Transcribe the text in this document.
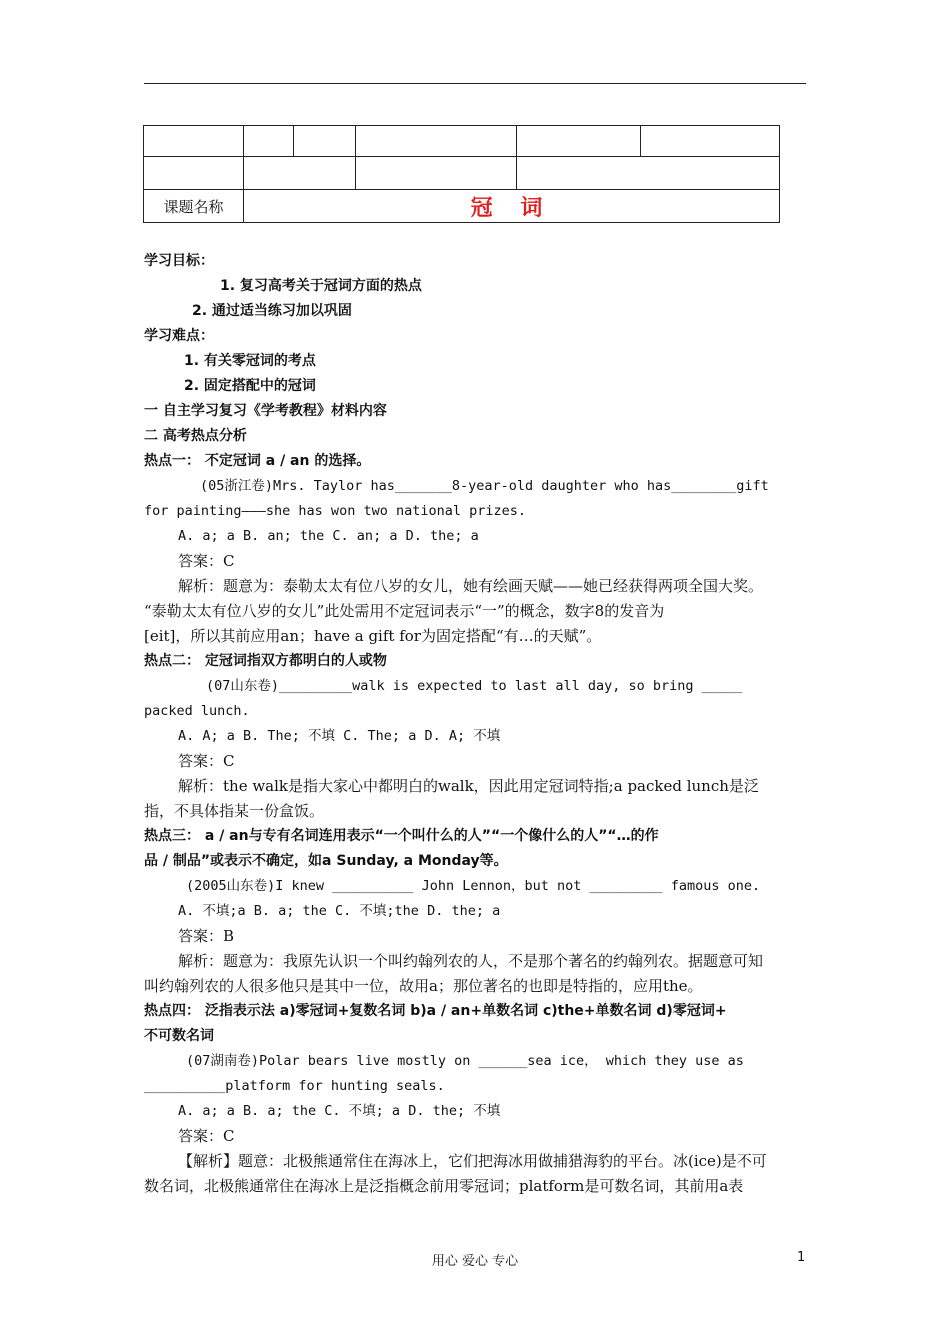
课题名称	冠 词				
学习目标：
1. 复习高考关于冠词方面的热点
2. 通过适当练习加以巩固
学习难点：
1. 有关零冠词的考点
2. 固定搭配中的冠词
一 自主学习复习《学考教程》材料内容
二 高考热点分析
热点一： 不定冠词 a / an 的选择。
(05浙江卷)Mrs. Taylor has_______8-year-old daughter who has________gift
for painting———she has won two national prizes.
A. a; a B. an; the C. an; a D. the; a
答案：C
解析：题意为：泰勒太太有位八岁的女儿，她有绘画天赋——她已经获得两项全国大奖。
“泰勒太太有位八岁的女儿”此处需用不定冠词表示“一”的概念，数字8的发音为
[eit]，所以其前应用an；have a gift for为固定搭配“有…的天赋”。
热点二： 定冠词指双方都明白的人或物
(07山东卷)_________walk is expected to last all day, so bring _____
packed lunch.
A. A; a B. The; 不填 C. The; a D. A; 不填
答案：C
解析：the walk是指大家心中都明白的walk，因此用定冠词特指;a packed lunch是泛
指，不具体指某一份盒饭。
热点三： a / an与专有名词连用表示“一个叫什么的人”“一个像什么的人”“…的作
品 / 制品”或表示不确定，如a Sunday, a Monday等。
(2005山东卷)I knew __________ John Lennon，but not _________ famous one.
A. 不填;a B. a; the C. 不填;the D. the; a
答案：B
解析：题意为：我原先认识一个叫约翰列农的人，不是那个著名的约翰列农。据题意可知
叫约翰列农的人很多他只是其中一位，故用a；那位著名的也即是特指的，应用the。
热点四： 泛指表示法 a)零冠词+复数名词 b)a / an+单数名词 c)the+单数名词 d)零冠词+
不可数名词
(07湖南卷)Polar bears live mostly on ______sea ice， which they use as
__________platform for hunting seals.
A. a; a B. a; the C. 不填; a D. the; 不填
答案：C
【解析】题意：北极熊通常住在海冰上，它们把海冰用做捕猎海豹的平台。冰(ice)是不可
数名词，北极熊通常住在海冰上是泛指概念前用零冠词；platform是可数名词，其前用a表
用心 爱心 专心	1
